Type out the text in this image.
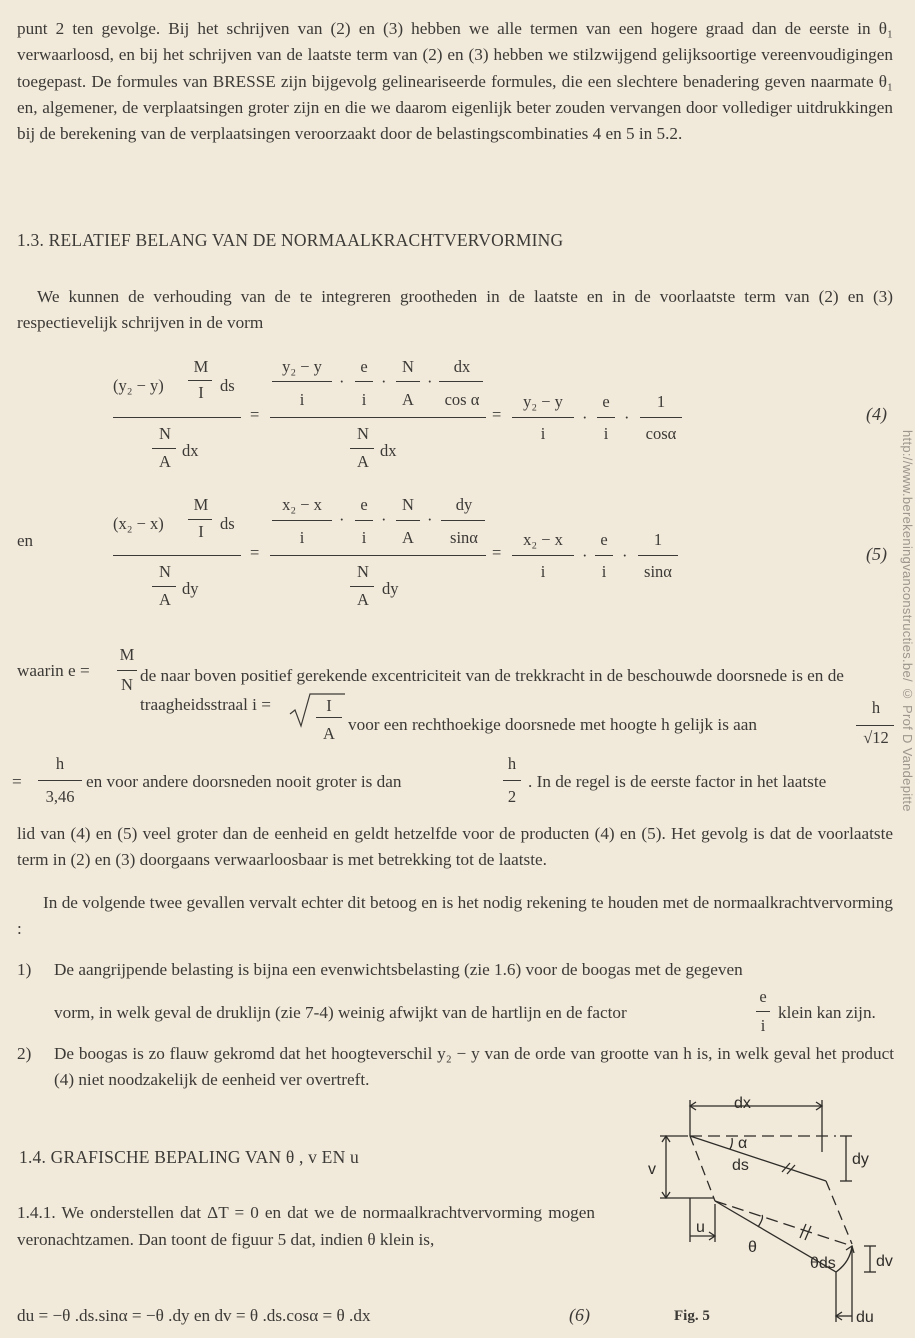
punt 2 ten gevolge. Bij het schrijven van (2) en (3) hebben we alle termen van een hogere graad dan de eerste in θ₁ verwaarloosd, en bij het schrijven van de laatste term van (2) en (3) hebben we stilzwijgend gelijksoortige vereenvoudigingen toegepast. De formules van BRESSE zijn bijgevolg gelineariseerde formules, die een slechtere benadering geven naarmate θ₁ en, algemener, de verplaatsingen groter zijn en die we daarom eigenlijk beter zouden vervangen door vollediger uitdrukkingen bij de berekening van de verplaatsingen veroorzaakt door de belastingscombinaties 4 en 5 in 5.2.

1.3. RELATIEF BELANG VAN DE NORMAALKRACHTVERVORMING

We kunnen de verhouding van de te integreren grootheden in de laatste en in de voorlaatste term van (2) en (3) respectievelijk schrijven in de vorm

(y₂ − y)
M
I ds
N
A
dx
=
y₂ − y
i
·
e
i
·
N
A
·
dx
cos α
N
A
dx
=
y₂ − y
i
·
e
i
·
1
cosα
(4)
en
(x₂ − x)
M
I ds
N
A
dy
=
x₂ − x
i
·
e
i
·
N
A
·
dy
sinα
N
A
dy
=
x₂ − x
i
·
e
i
·
1
sinα
(5)
waarin e =
M
N de naar boven positief gerekende excentriciteit van de trekkracht in de beschouwde doorsnede is en de traagheidsstraal i =	I
A voor een rechthoekige doorsnede met hoogte h gelijk is aan
h
√12
=
h
3,46
en voor andere doorsneden nooit groter is dan
h
2
. In de regel is de eerste factor in het laatste

lid van (4) en (5) veel groter dan de eenheid en geldt hetzelfde voor de producten (4) en (5). Het gevolg is dat de voorlaatste term in (2) en (3) doorgaans verwaarloosbaar is met betrekking tot de laatste.

In de volgende twee gevallen vervalt echter dit betoog en is het nodig rekening te houden met de normaalkrachtvervorming :

1) De aangrijpende belasting is bijna een evenwichtsbelasting (zie 1.6) voor de boogas met de gegeven
vorm, in welk geval de druklijn (zie 7-4) weinig afwijkt van de hartlijn en de factor
e
i
klein kan zijn.
2) De boogas is zo flauw gekromd dat het hoogteverschil y₂ − y van de orde van grootte van h is, in welk geval het product (4) niet noodzakelijk de eenheid ver overtreft.

1.4. GRAFISCHE BEPALING VAN θ , v EN u

1.4.1. We onderstellen dat ΔT = 0 en dat we de normaalkrachtvervorming mogen veronachtzamen. Dan toont de figuur 5 dat, indien θ klein is,

du = −θ .ds.sinα = −θ .dy en dv = θ .ds.cosα = θ .dx	(6)	Fig. 5
dx
dy
v
α
ds
u
θ
θds	dv
du
http://www.berekeningvanconstructies.be/ © Prof D Vandepitte
